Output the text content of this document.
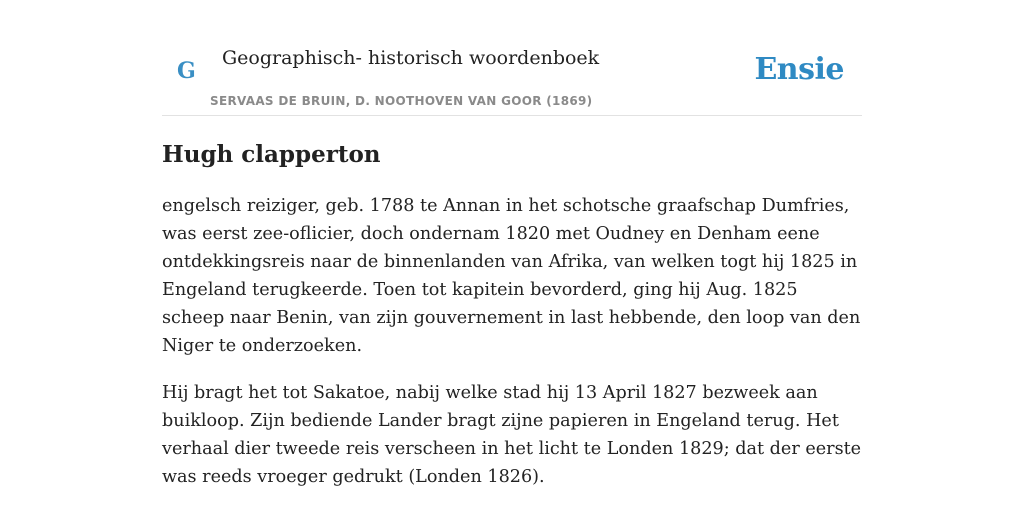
G Geographisch- historisch woordenboek
SERVAAS DE BRUIN, D. NOOTHOVEN VAN GOOR (1869)
Ensie
Hugh clapperton

engelsch reiziger, geb. 1788 te Annan in het schotsche graafschap Dumfries, was eerst zee-oflicier, doch ondernam 1820 met Oudney en Denham eene ontdekkingsreis naar de binnenlanden van Afrika, van welken togt hij 1825 in Engeland terugkeerde. Toen tot kapitein bevorderd, ging hij Aug. 1825 scheep naar Benin, van zijn gouvernement in last hebbende, den loop van den Niger te onderzoeken.

Hij bragt het tot Sakatoe, nabij welke stad hij 13 April 1827 bezweek aan buikloop. Zijn bediende Lander bragt zijne papieren in Engeland terug. Het verhaal dier tweede reis verscheen in het licht te Londen 1829; dat der eerste was reeds vroeger gedrukt (Londen 1826).
